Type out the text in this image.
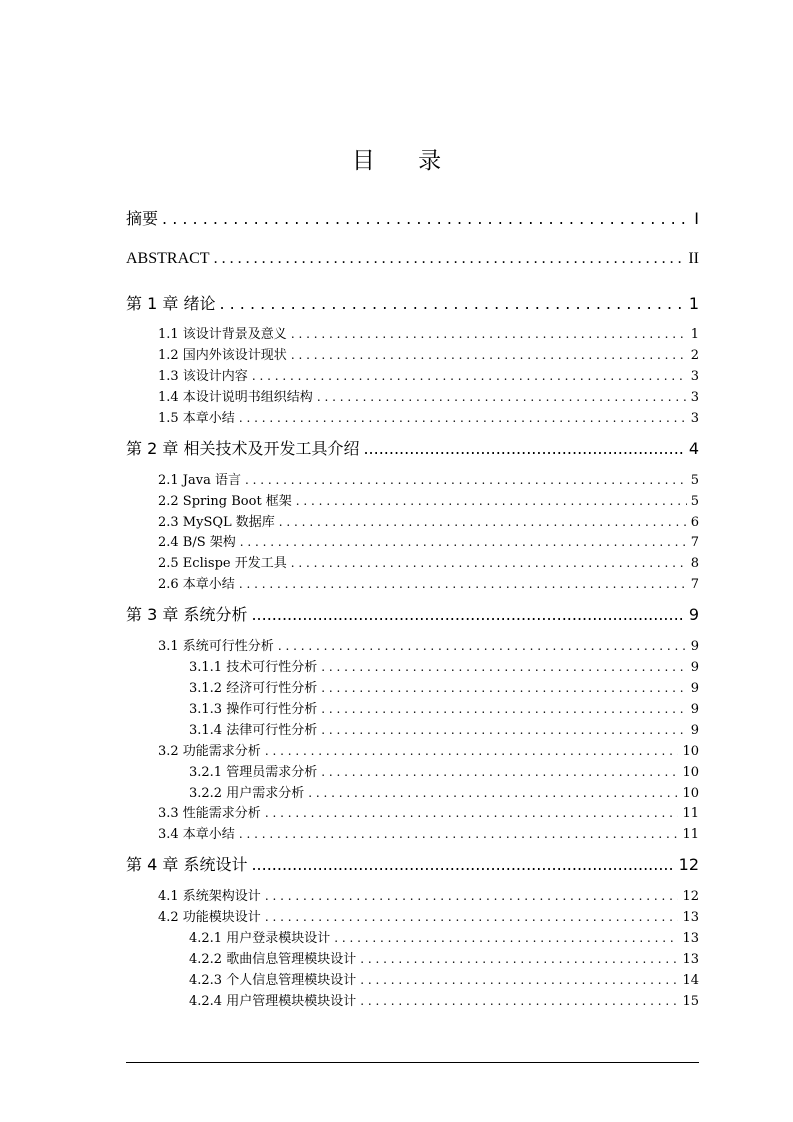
目 录
摘要 . . .	I
ABSTRACT . . .	II
第 1 章 绪论 . . .	1
1.1 该设计背景及意义 . . .	1
1.2 国内外该设计现状 . . .	2
1.3 该设计内容 . . .	3
1.4 本设计说明书组织结构 . . .	3
1.5 本章小结 . . .	3
第 2 章 相关技术及开发工具介绍 .....	4
2.1 Java 语言 . . .	5
2.2 Spring Boot 框架 . . .	5
2.3 MySQL 数据库 . . .	6
2.4 B/S 架构 . . .	7
2.5 Eclispe 开发工具 . . .	8
2.6 本章小结 . . .	7
第 3 章 系统分析 .....	9
3.1 系统可行性分析 . . .	9
3.1.1 技术可行性分析 . . .	9
3.1.2 经济可行性分析 . . .	9
3.1.3 操作可行性分析 . . .	9
3.1.4 法律可行性分析 . . .	9
3.2 功能需求分析 . . .	10
3.2.1 管理员需求分析 . . .	10
3.2.2 用户需求分析 . . .	10
3.3 性能需求分析 . . .	11
3.4 本章小结 . . .	11
第 4 章 系统设计 .....	12
4.1 系统架构设计 . . .	12
4.2 功能模块设计 . . .	13
4.2.1 用户登录模块设计 . . .	13
4.2.2 歌曲信息管理模块设计 . . .	13
4.2.3 个人信息管理模块设计 . . .	14
4.2.4 用户管理模块模块设计 . . .	15
